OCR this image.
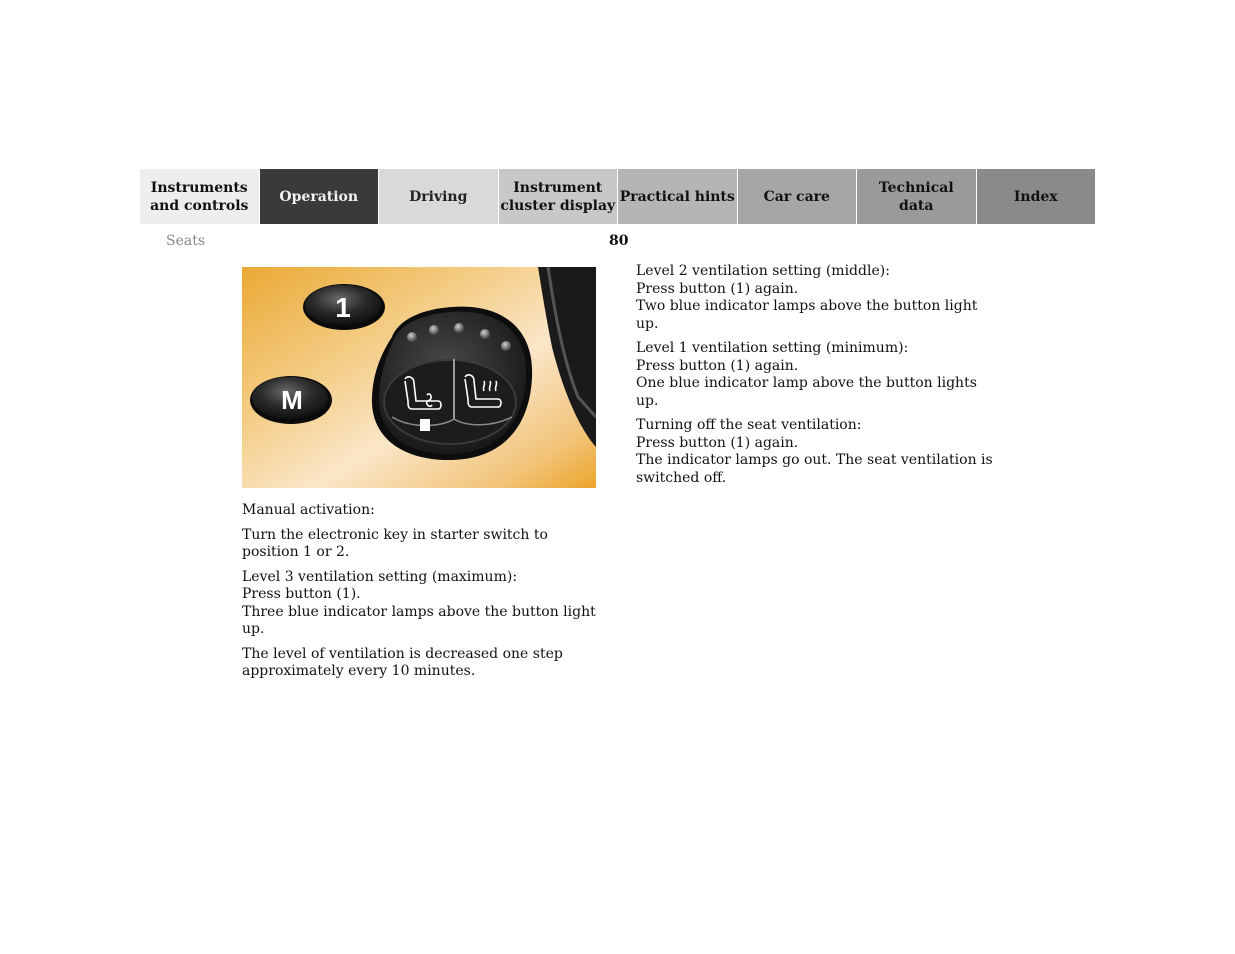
Instruments
and controls
Operation	Driving
Instrument
cluster display
Practical hints	Car care
Technical
data
Index
Seats	80
1
M

Manual activation:

Turn the electronic key in starter switch to position 1 or 2.

Level 3 ventilation setting (maximum):
Press button (1).
Three blue indicator lamps above the button light up.

The level of ventilation is decreased one step approximately every 10 minutes.

Level 2 ventilation setting (middle):
Press button (1) again.
Two blue indicator lamps above the button light up.

Level 1 ventilation setting (minimum):
Press button (1) again.
One blue indicator lamp above the button lights up.

Turning off the seat ventilation:
Press button (1) again.
The indicator lamps go out. The seat ventilation is switched off.
